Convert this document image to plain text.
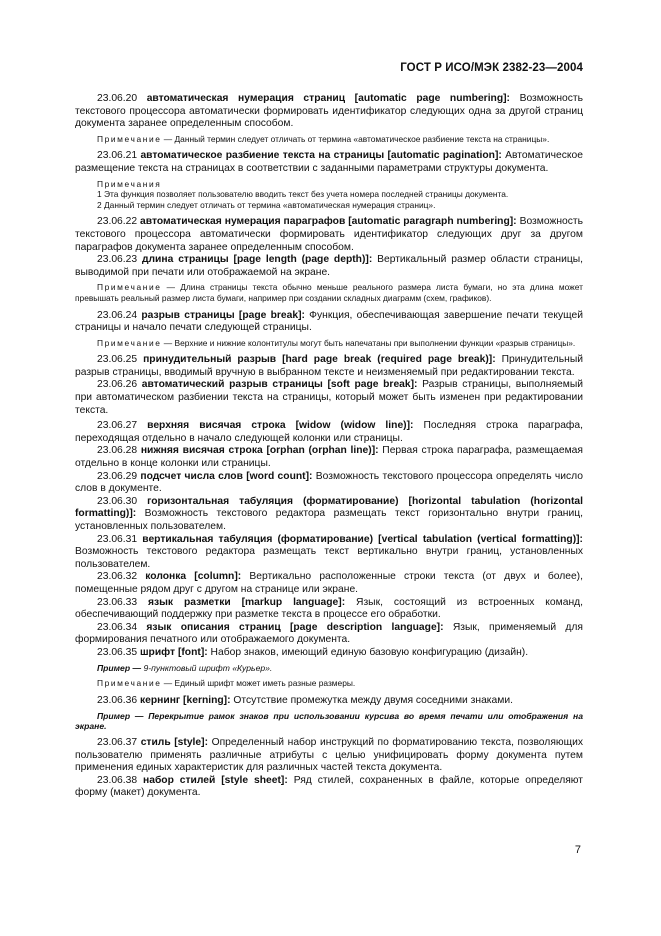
ГОСТ Р ИСО/МЭК 2382-23—2004

23.06.20 автоматическая нумерация страниц [automatic page numbering]: Возможность текстового процессора автоматически формировать идентификатор следующих одна за другой страниц документа заранее определенным способом.

Примечание — Данный термин следует отличать от термина «автоматическое разбиение текста на страницы».

23.06.21 автоматическое разбиение текста на страницы [automatic pagination]: Автоматическое размещение текста на страницах в соответствии с заданными параметрами структуры документа.

Примечания

1 Эта функция позволяет пользователю вводить текст без учета номера последней страницы документа.

2 Данный термин следует отличать от термина «автоматическая нумерация страниц».

23.06.22 автоматическая нумерация параграфов [automatic paragraph numbering]: Возможность текстового процессора автоматически формировать идентификатор следующих друг за другом параграфов документа заранее определенным способом.

23.06.23 длина страницы [page length (page depth)]: Вертикальный размер области страницы, выводимой при печати или отображаемой на экране.

Примечание — Длина страницы текста обычно меньше реального размера листа бумаги, но эта длина может превышать реальный размер листа бумаги, например при создании складных диаграмм (схем, графиков).

23.06.24 разрыв страницы [page break]: Функция, обеспечивающая завершение печати текущей страницы и начало печати следующей страницы.

Примечание — Верхние и нижние колонтитулы могут быть напечатаны при выполнении функции «разрыв страницы».

23.06.25 принудительный разрыв [hard page break (required page break)]: Принудительный разрыв страницы, вводимый вручную в выбранном тексте и неизменяемый при редактировании текста.

23.06.26 автоматический разрыв страницы [soft page break]: Разрыв страницы, выполняемый при автоматическом разбиении текста на страницы, который может быть изменен при редактировании текста.

23.06.27 верхняя висячая строка [widow (widow line)]: Последняя строка параграфа, переходящая отдельно в начало следующей колонки или страницы.

23.06.28 нижняя висячая строка [orphan (orphan line)]: Первая строка параграфа, размещаемая отдельно в конце колонки или страницы.

23.06.29 подсчет числа слов [word count]: Возможность текстового процессора определять число слов в документе.

23.06.30 горизонтальная табуляция (форматирование) [horizontal tabulation (horizontal formatting)]: Возможность текстового редактора размещать текст горизонтально внутри границ, установленных пользователем.

23.06.31 вертикальная табуляция (форматирование) [vertical tabulation (vertical formatting)]: Возможность текстового редактора размещать текст вертикально внутри границ, установленных пользователем.

23.06.32 колонка [column]: Вертикально расположенные строки текста (от двух и более), помещенные рядом друг с другом на странице или экране.

23.06.33 язык разметки [markup language]: Язык, состоящий из встроенных команд, обеспечивающий поддержку при разметке текста в процессе его обработки.

23.06.34 язык описания страниц [page description language]: Язык, применяемый для формирования печатного или отображаемого документа.

23.06.35 шрифт [font]: Набор знаков, имеющий единую базовую конфигурацию (дизайн).

Пример — 9-пунктовый шрифт «Курьер».

Примечание — Единый шрифт может иметь разные размеры.

23.06.36 кернинг [kerning]: Отсутствие промежутка между двумя соседними знаками.

Пример — Перекрытие рамок знаков при использовании курсива во время печати или отображения на экране.

23.06.37 стиль [style]: Определенный набор инструкций по форматированию текста, позволяющих пользователю применять различные атрибуты с целью унифицировать форму документа путем применения единых характеристик для различных частей текста документа.

23.06.38 набор стилей [style sheet]: Ряд стилей, сохраненных в файле, которые определяют форму (макет) документа.

7
